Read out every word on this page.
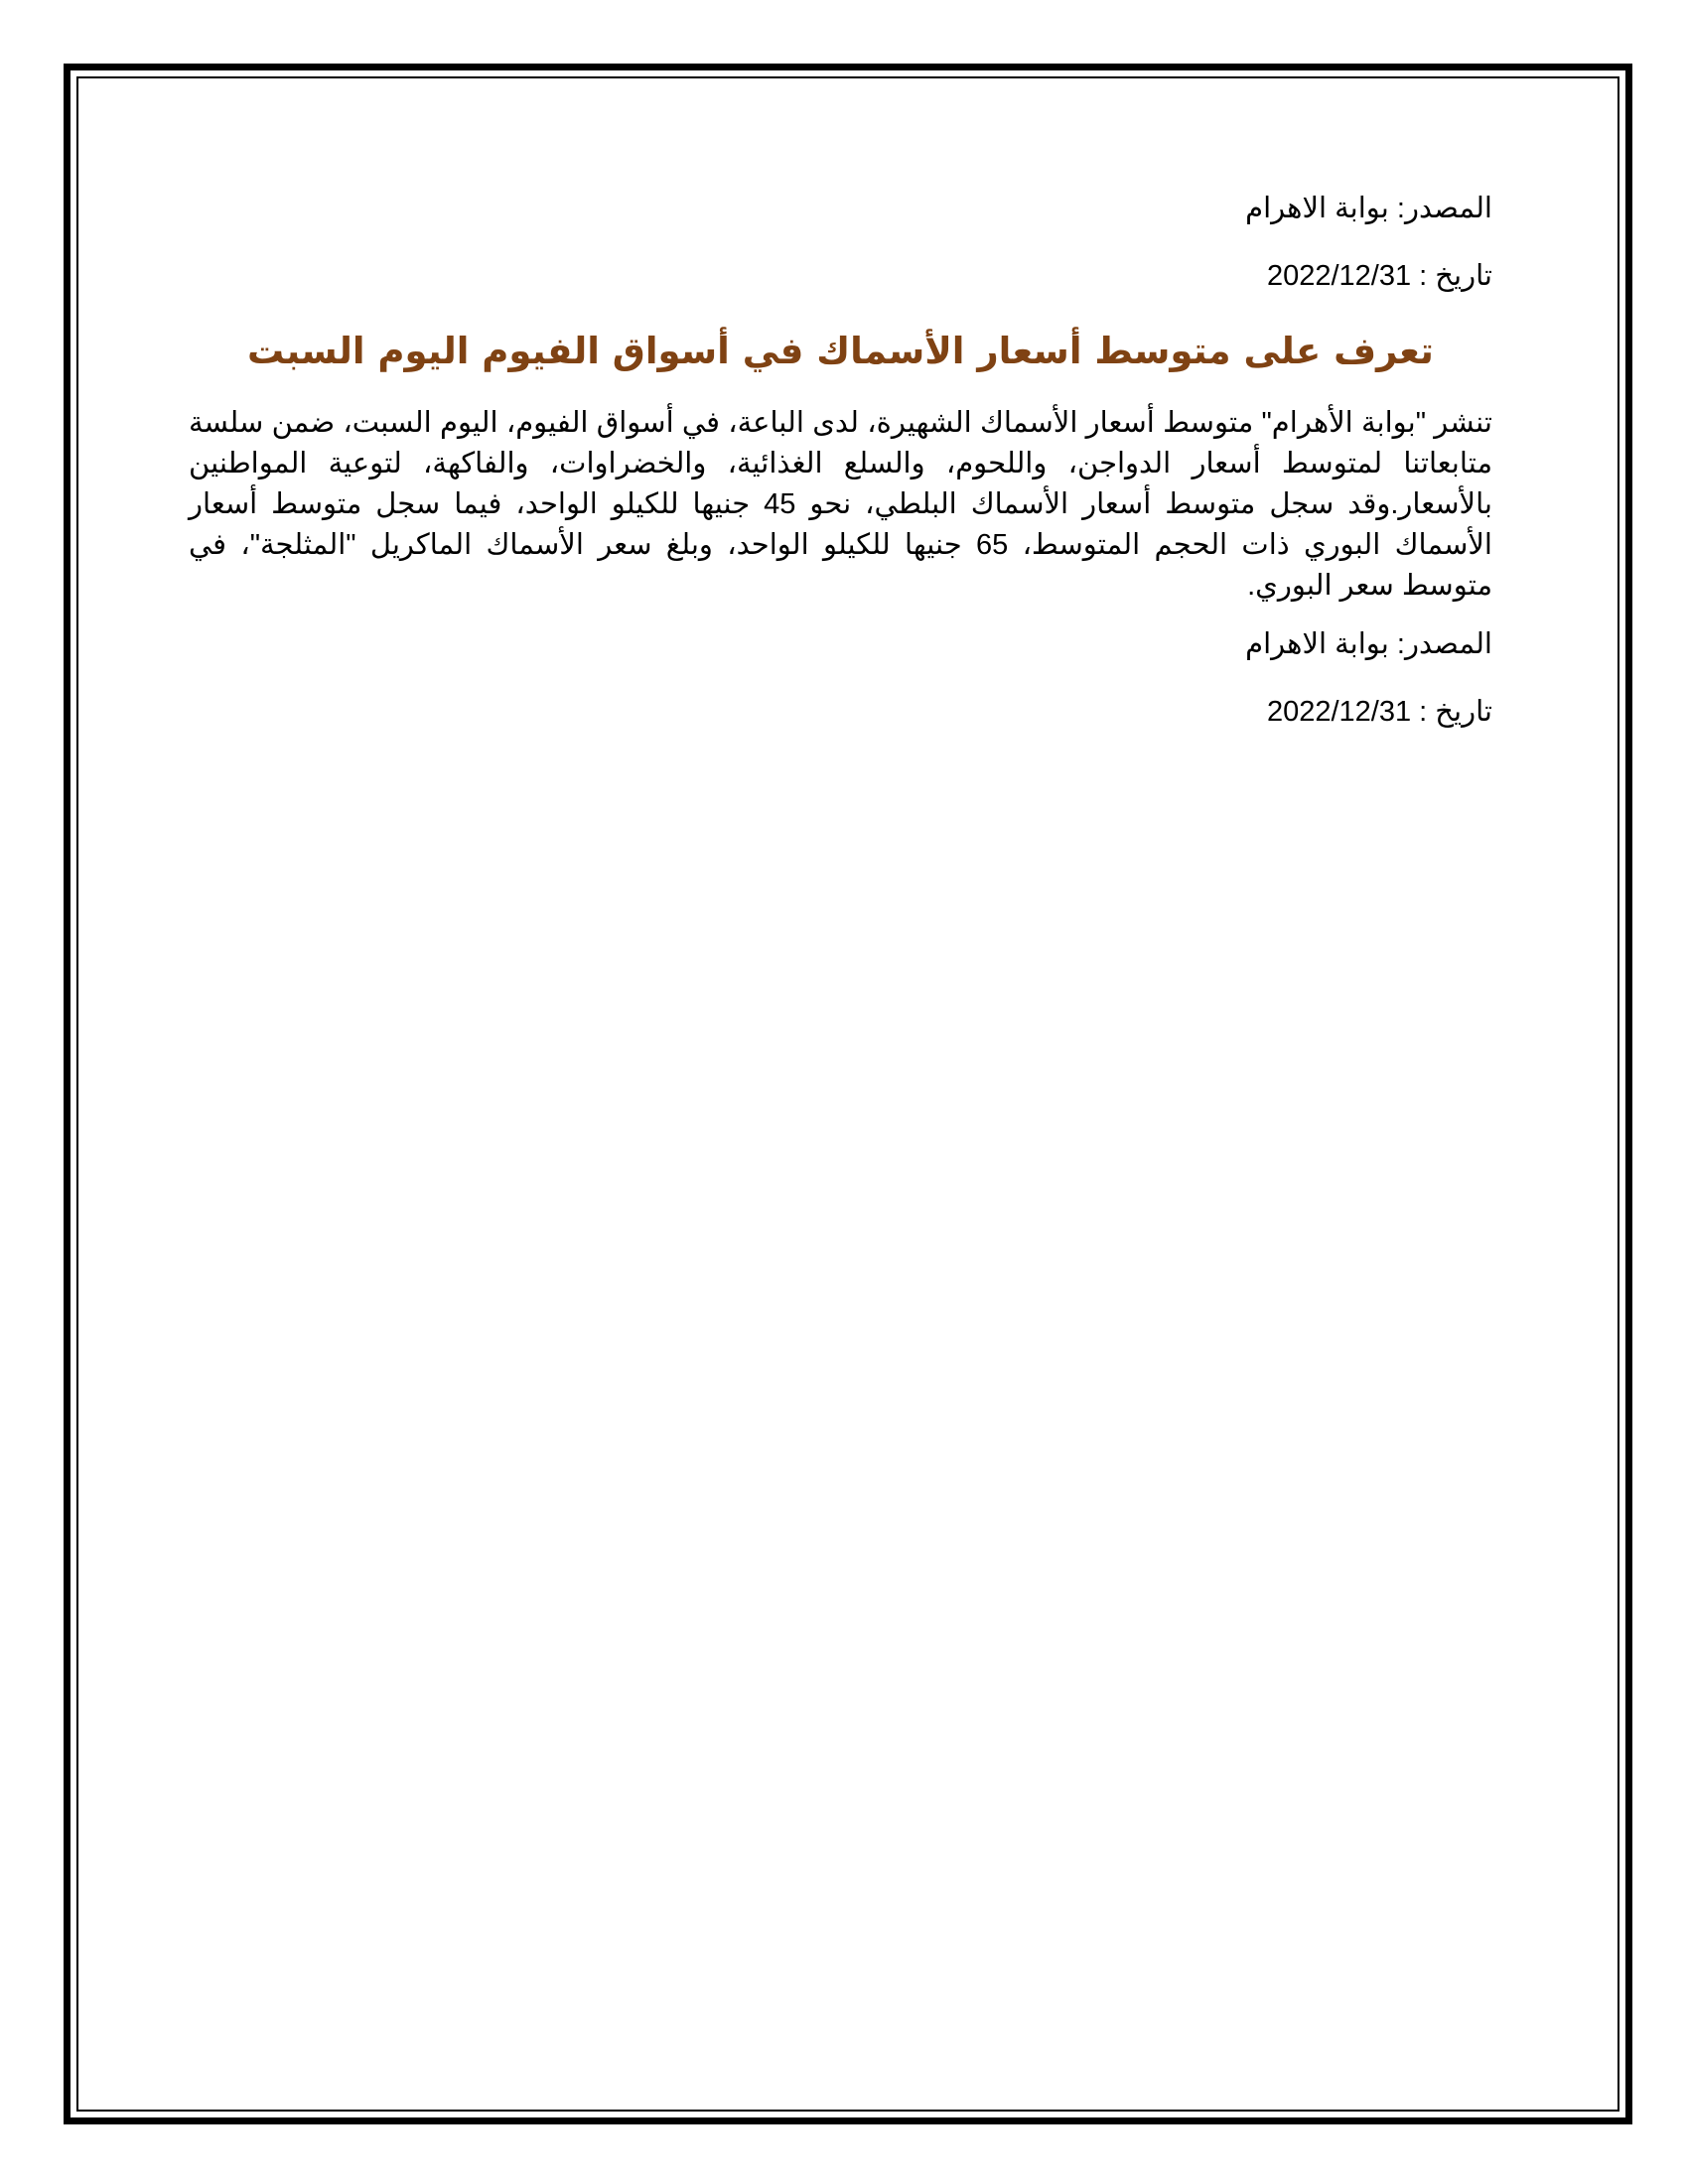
المصدر: بوابة الاهرام
تاريخ : 2022/12/31
تعرف على متوسط أسعار الأسماك في أسواق الفيوم اليوم السبت
تنشر "بوابة الأهرام" متوسط أسعار الأسماك الشهيرة، لدى الباعة، في أسواق الفيوم، اليوم السبت، ضمن سلسة متابعاتنا لمتوسط أسعار الدواجن، واللحوم، والسلع الغذائية، والخضراوات، والفاكهة، لتوعية المواطنين بالأسعار.وقد سجل متوسط أسعار الأسماك البلطي، نحو 45 جنيها للكيلو الواحد، فيما سجل متوسط أسعار الأسماك البوري ذات الحجم المتوسط، 65 جنيها للكيلو الواحد، وبلغ سعر الأسماك الماكريل "المثلجة"، في متوسط سعر البوري.
المصدر: بوابة الاهرام
تاريخ : 2022/12/31
